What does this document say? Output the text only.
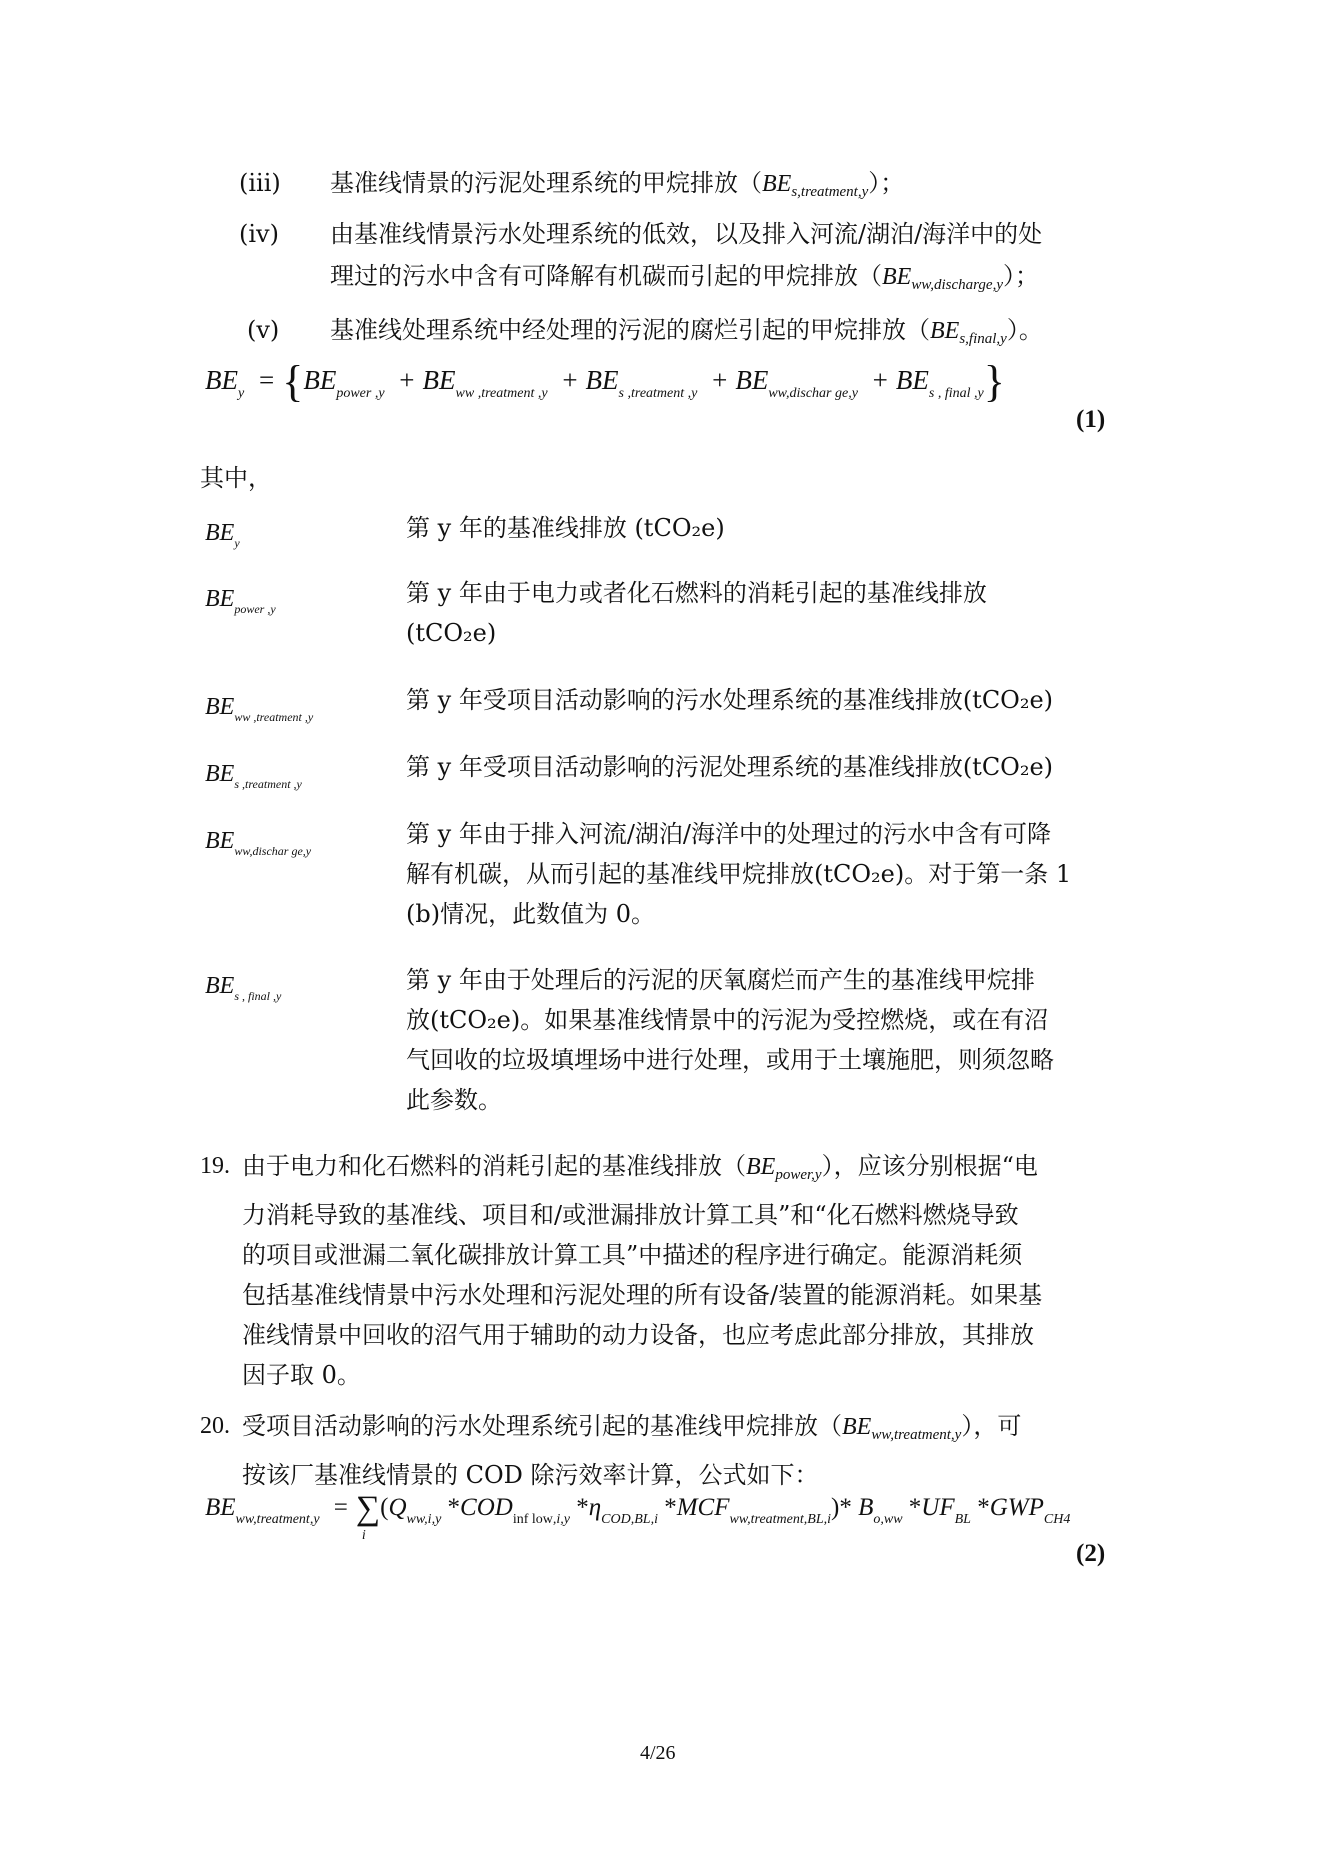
(iii) 基准线情景的污泥处理系统的甲烷排放$(BE_{s,treatment,y})$；
(iv) 由基准线情景污水处理系统的低效，以及排入河流/湖泊/海洋中的处
理过的污水中含有可降解有机碳而引起的甲烷排放$(BE_{ww,discharge,y})$；
(v) 基准线处理系统中经处理的污泥的腐烂引起的甲烷排放$(BE_{s,final,y})$。
$BE_y = \{BE_{power ,y} + BE_{ww ,treatment ,y} + BE_{s ,treatment ,y} + BE_{ww,dischar ge,y} + BE_{s , final ,y}\}$
(1)
其中，
$BE_y$
第 y 年的基准线排放 (tCO₂e)
$BE_{power ,y}$
第 y 年由于电力或者化石燃料的消耗引起的基准线排放
(tCO₂e)
$BE_{ww ,treatment ,y}$
第 y 年受项目活动影响的污水处理系统的基准线排放(tCO₂e)
$BE_{s ,treatment ,y}$
第 y 年受项目活动影响的污泥处理系统的基准线排放(tCO₂e)
$BE_{ww,dischar ge,y}$
第 y 年由于排入河流/湖泊/海洋中的处理过的污水中含有可降
解有机碳，从而引起的基准线甲烷排放(tCO₂e)。对于第一条 1
(b)情况，此数值为 0。
$BE_{s , final ,y}$
第 y 年由于处理后的污泥的厌氧腐烂而产生的基准线甲烷排
放(tCO₂e)。如果基准线情景中的污泥为受控燃烧，或在有沼
气回收的垃圾填埋场中进行处理，或用于土壤施肥，则须忽略
此参数。
19. 由于电力和化石燃料的消耗引起的基准线排放$(BE_{power,y})$，应该分别根据“电
力消耗导致的基准线、项目和/或泄漏排放计算工具”和“化石燃料燃烧导致
的项目或泄漏二氧化碳排放计算工具”中描述的程序进行确定。能源消耗须
包括基准线情景中污水处理和污泥处理的所有设备/装置的能源消耗。如果基
准线情景中回收的沼气用于辅助的动力设备，也应考虑此部分排放，其排放
因子取 0。
20. 受项目活动影响的污水处理系统引起的基准线甲烷排放$(BE_{ww,treatment,y})$，可
按该厂基准线情景的 COD 除污效率计算，公式如下：
$BE_{ww,treatment,y}$ = ∑
i
($Q_{ww,i,y}$ $*COD_{inf low,i,y}$ $*\eta_{COD,BL,i}$ $*MCF_{ww,treatment,BL,i})*$ $B_{o,ww}$ $*UF_{BL}$ $*GWP_{CH4}$
(2)
4/26
